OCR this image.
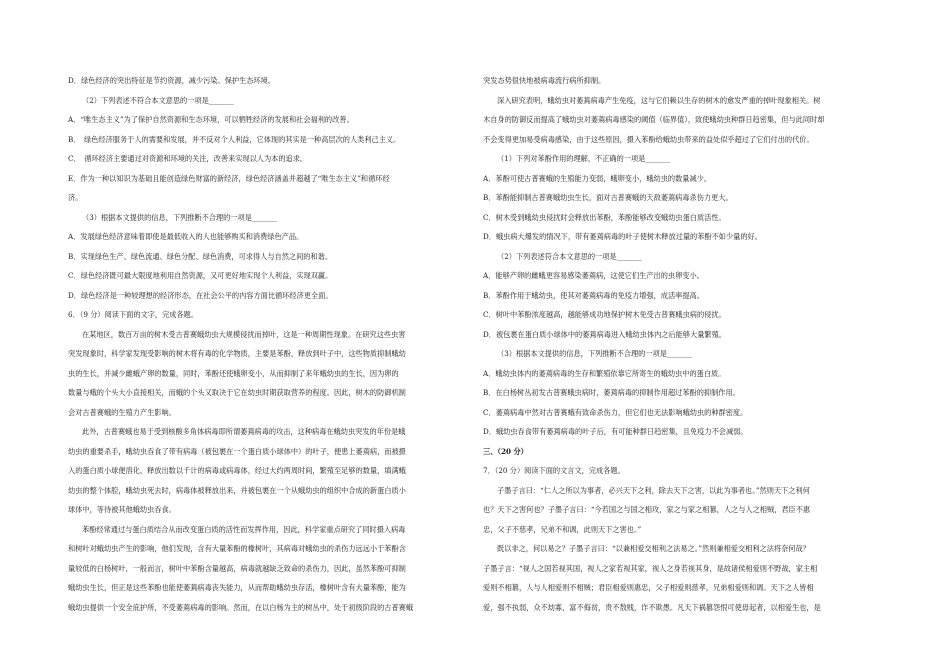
D．绿色经济的突出特征是节约资源，减少污染、保护生态环境。

（2）下列表述不符合本文意思的一项是_______

A．“唯生态主义”为了保护自然资源和生态环境，可以牺牲经济的发展和社会福利的改善。

B．　绿色经济服务于人的需要和发展，并不反对个人利益，它体现的其实是一种高层次的人类利己主义。

C．　循环经济主要通过对资源和环境的关注，改善来实现以人为本的追求。

E．作为一种以知识为基础且能创造绿色财富的新经济，绿色经济涵盖并超越了“唯生态主义”和循环经

济。

（3）根据本文提供的信息，下列推断不合理的一项是_______

A．发展绿色经济意味着即使是最低收入的人也能够购买和消费绿色产品。

B．实现绿色生产、绿色流通、绿色分配、绿色消费，可求得人与自然之间的和谐。

C．绿色经济既可最大限度地利用自然资源，又可更好地实现个人利益，实现双赢。

D．绿色经济是一种较理想的经济形态，在社会公平的内容方面比循环经济更全面。

6．（9 分）阅读下面的文字，完成各题。

在某地区，数百万亩的树木受古普赛蛾幼虫大规模侵扰而掉叶，这是一种周期性现象。在研究这些虫害

突发现象时，科学家发现受影响的树木将有毒的化学物质，主要是苯酚，释放到叶子中，这些物质抑制蛾幼

虫的生长，并减少雌蛾产卵的数量，同时，苯酚还使蛾卵变小，从而抑制了来年蛾幼虫的生长，因为卵的

数量与蛾的个头大小直接相关，而蛾的个头又取决于它在幼虫时期获取营养的程度。因此，树木的防御机制

会对古普赛蛾的生殖力产生影响。

此外，古普赛蛾也易于受到核酸多角体病毒即所谓萎蔫病毒的攻击，这种病毒在蛾幼虫突发的年份是蛾

幼虫的重要杀手，蛾幼虫吞食了带有病毒（被包裹在一个蛋白质小球体中）的叶子，便患上萎蔫病，而被摄

入的蛋白质小球便溶化，释放出数以千计的病毒或病毒体，经过大约两周时间，繁殖至足够的数量，填满蛾

幼虫的整个体腔，蛾幼虫死去时，病毒体被释放出来，并被包裹在一个从蛾幼虫的组织中合成的新蛋白质小

球体中，等待被其他蛾幼虫吞食。

苯酚经常通过与蛋白质结合从而改变蛋白质的活性而发挥作用，因此，科学家重点研究了同时摄入病毒

和树叶对蛾幼虫产生的影响，他们发现，含有大量苯酚的橡树叶，其病毒对蛾幼虫的杀伤力远远小于苯酚含

量较低的白杨树叶，一般而言，树叶中苯酚含量越高，病毒就越缺乏致命的杀伤力，因此，虽然苯酚可抑制

蛾幼虫生长，但正是这些苯酚也能使萎蔫病毒丧失能力，从而帮助蛾幼虫存活，橡树叶含有大量苯酚，能为

蛾幼虫提供一个安全庇护所，不受萎蔫病毒的影响。然而，在以白杨为主的树丛中，处于初级阶段的古普赛蛾

突发态势很快地被病毒流行病所抑制。

深入研究表明，蛾幼虫对萎蔫病毒产生免疫，这与它们赖以生存的树木的愈发严重的掉叶现象相关。树

木自身的防御反而提高了蛾幼虫对萎蔫病毒感染的阈值（临界值），致使蛾幼虫种群日趋密集，但与此同时却

不会变得更加易受病毒感染，由于这些原因，摄入苯酚给蛾幼虫带来的益处似乎超过了它们付出的代价。

（1）下列对苯酚作用的理解，不正确的一项是_______

A．苯酚可使古普赛蛾的生殖能力变弱，蛾卵变小，蛾幼虫的数量减少。

B．苯酚能抑制古普赛蛾幼虫生长，面对古普赛蛾的天敌萎蔫病毒杀伤力更大。

C．树木受到蛾幼虫侵扰时会释放出苯酚，苯酚能够改变蛾幼虫蛋白质活性。

D．蛾虫病大爆发的情况下，带有萎蔫病毒的叶子使树木释放过量的苯酚不如少量的好。

（2）下列表述符合本文意思的一项是_______

A．能够产卵的雌蛾更容易感染萎蔫病，这使它们生产出的虫卵变小。

B．苯酚作用于蛾幼虫，使其对萎蔫病毒的免疫力增强，成活率提高。

C．树叶中苯酚浓度越高，越能够成功地保护树木免受古普赛蛾虫病的侵扰。

D．被包裹在蛋白质小球体中的萎蔫病毒进入蛾幼虫体内之后能够大量繁殖。

（3）根据本文提供的信息，下列推断不合理的一项是_______

A．蛾幼虫体内的萎蔫病毒的生存和繁殖依靠它所寄生的蛾幼虫中的蛋白质。

B．在白杨树丛初发古普赛蛾虫病时，萎蔫病毒的抑制作用超过苯酚的抑制作用。

C．萎蔫病毒中然对古普赛蛾有致命杀伤力，但它们也无法影响蛾幼虫的种群密度。

D．蛾幼虫吞食带有萎蔫病毒的叶子后，有可能种群日趋密集，且免疫力不会减弱。

三、（20 分）

7．（20 分）阅读下面的文言文，完成各题。

子墨子言曰：“仁人之所以为事者，必兴天下之利，除去天下之害，以此为事者也。”然则天下之利何

也？天下之害何也？子墨子言曰：“今若国之与国之相攻，家之与家之相篡，人之与人之相贼，君臣不惠

忠，父子不慈孝，兄弟不和调，此则天下之害也。”

既以非之，何以易之？子墨子言曰：“以兼相爱交相利之法易之。”然则兼相爱交相利之法将奈何哉？

子墨子言：“视人之国若视其国，视人之家若视其家，视人之身若视其身，是故诸侯相爱则不野战，家主相

爱则不相篡，人与人相爱则不相贼；君臣相爱则惠忠，父子相爱则慈孝，兄弟相爱则和调。天下之人皆相

爱，强不执弱，众不劫寡，富不侮贫，贵不敖贱，诈不欺愚。凡天下祸篡怨恨可使毋起者，以相爱生也，是
